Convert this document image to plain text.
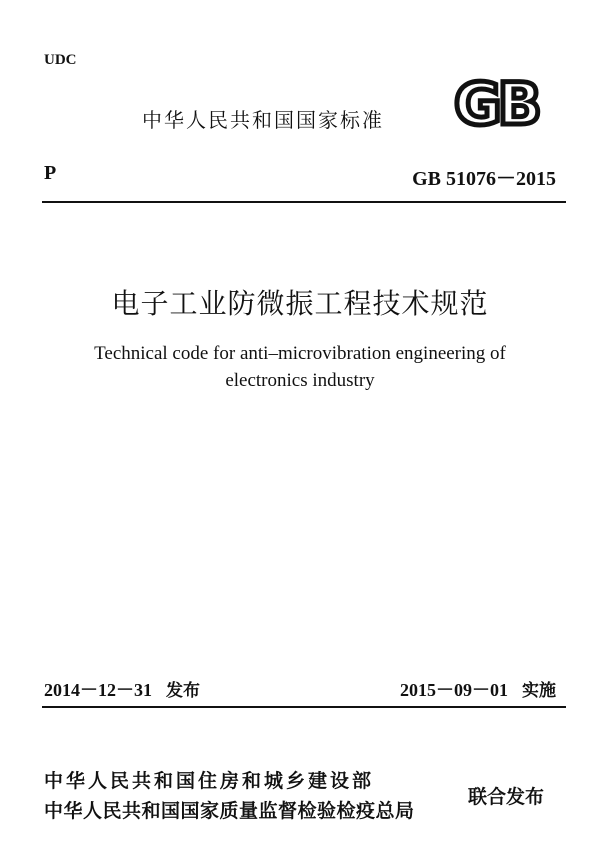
UDC
中华人民共和国国家标准 GB
P	GB 51076－2015
电子工业防微振工程技术规范
Technical code for anti–microvibration engineering of
electronics industry
2014－12－31 发布	2015－09－01 实施
中华人民共和国住房和城乡建设部
中华人民共和国国家质量监督检验检疫总局
联合发布
